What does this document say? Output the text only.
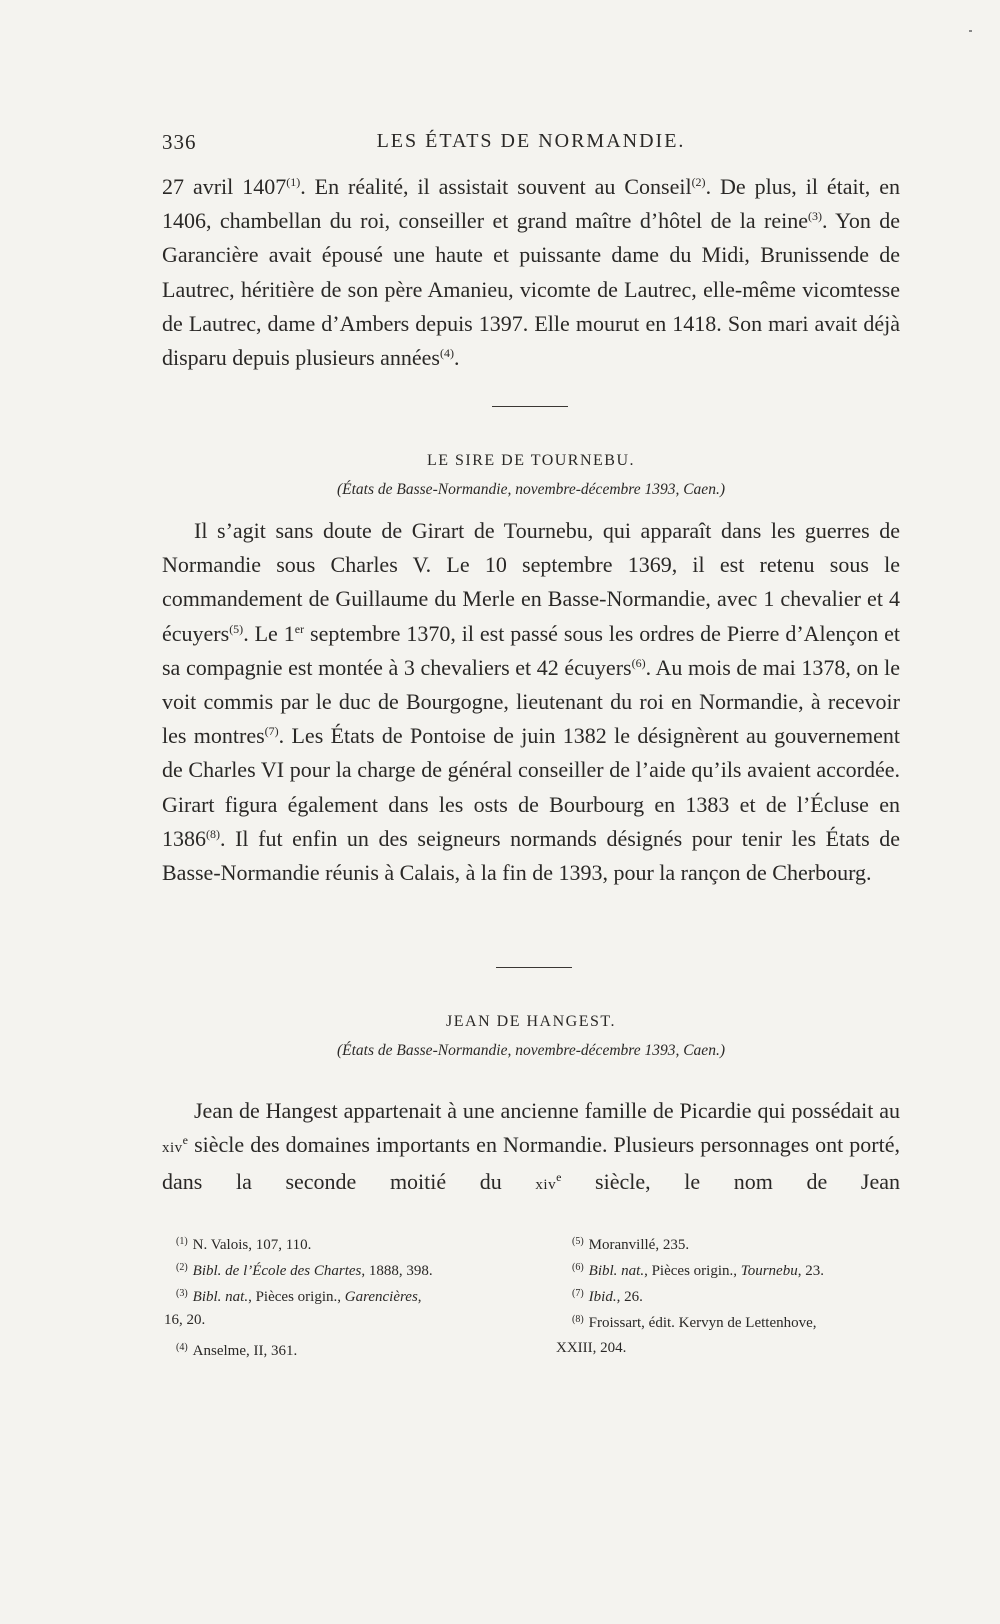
336	LES ÉTATS DE NORMANDIE.

27 avril 1407$^{(1)}$. En réalité, il assistait souvent au Conseil$^{(2)}$. De plus, il était, en 1406, chambellan du roi, conseiller et grand maître d’hôtel de la reine$^{(3)}$. Yon de Garancière avait épousé une haute et puissante dame du Midi, Brunissende de Lautrec, héritière de son père Amanieu, vicomte de Lautrec, elle-même vicomtesse de Lautrec, dame d’Ambers depuis 1397. Elle mourut en 1418. Son mari avait déjà disparu depuis plusieurs années$^{(4)}$.

LE SIRE DE TOURNEBU.
(États de Basse-Normandie, novembre-décembre 1393, Caen.)

Il s’agit sans doute de Girart de Tournebu, qui apparaît dans les guerres de Normandie sous Charles V. Le 10 septembre 1369, il est retenu sous le commandement de Guillaume du Merle en Basse-Normandie, avec 1 chevalier et 4 écuyers$^{(5)}$. Le 1er septembre 1370, il est passé sous les ordres de Pierre d’Alençon et sa compagnie est montée à 3 chevaliers et 42 écuyers$^{(6)}$. Au mois de mai 1378, on le voit commis par le duc de Bourgogne, lieutenant du roi en Normandie, à recevoir les montres$^{(7)}$. Les États de Pontoise de juin 1382 le désignèrent au gouvernement de Charles VI pour la charge de général conseiller de l’aide qu’ils avaient accordée. Girart figura également dans les osts de Bourbourg en 1383 et de l’Écluse en 1386$^{(8)}$. Il fut enfin un des seigneurs normands désignés pour tenir les États de Basse-Normandie réunis à Calais, à la fin de 1393, pour la rançon de Cherbourg.

JEAN DE HANGEST.
(États de Basse-Normandie, novembre-décembre 1393, Caen.)

Jean de Hangest appartenait à une ancienne famille de Picardie qui possédait au xiv$^e$ siècle des domaines importants en Normandie. Plusieurs personnages ont porté, dans la seconde moitié du xiv$^e$ siècle, le nom de Jean

$^{(1)}$ N. Valois, 107, 110.
$^{(2)}$ Bibl. de l’École des Chartes, 1888, 398.
$^{(3)}$ Bibl. nat., Pièces origin., Garencières,
16, 20.
$^{(4)}$ Anselme, II, 361.
$^{(5)}$ Moranvillé, 235.
$^{(6)}$ Bibl. nat., Pièces origin., Tournebu, 23.
$^{(7)}$ Ibid., 26.
$^{(8)}$ Froissart, édit. Kervyn de Lettenhove,
XXIII, 204.
